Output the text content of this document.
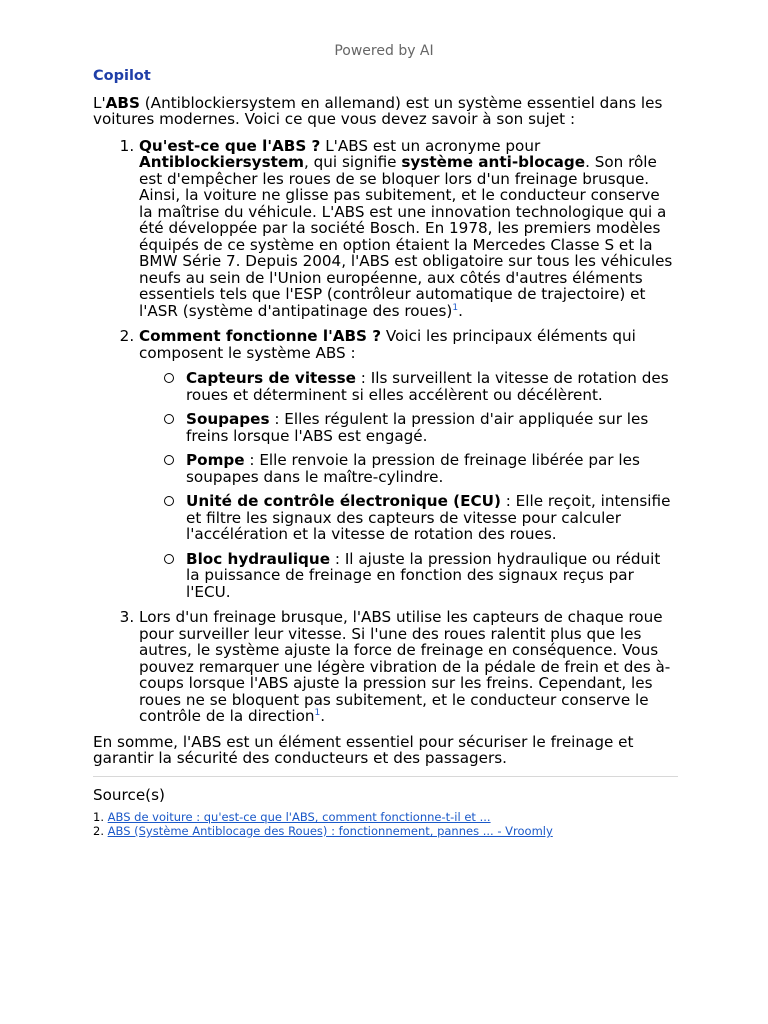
Powered by AI
Copilot

L'ABS (Antiblockiersystem en allemand) est un système essentiel dans les voitures modernes. Voici ce que vous devez savoir à son sujet :

1. Qu'est-ce que l'ABS ? L'ABS est un acronyme pour Antiblockiersystem, qui signifie système anti-blocage. Son rôle est d'empêcher les roues de se bloquer lors d'un freinage brusque. Ainsi, la voiture ne glisse pas subitement, et le conducteur conserve la maîtrise du véhicule. L'ABS est une innovation technologique qui a été développée par la société Bosch. En 1978, les premiers modèles équipés de ce système en option étaient la Mercedes Classe S et la BMW Série 7. Depuis 2004, l'ABS est obligatoire sur tous les véhicules neufs au sein de l'Union européenne, aux côtés d'autres éléments essentiels tels que l'ESP (contrôleur automatique de trajectoire) et l'ASR (système d'antipatinage des roues)$^1$.
2. Comment fonctionne l'ABS ? Voici les principaux éléments qui composent le système ABS :
Capteurs de vitesse : Ils surveillent la vitesse de rotation des roues et déterminent si elles accélèrent ou décélèrent.
Soupapes : Elles régulent la pression d'air appliquée sur les freins lorsque l'ABS est engagé.
Pompe : Elle renvoie la pression de freinage libérée par les soupapes dans le maître-cylindre.
Unité de contrôle électronique (ECU) : Elle reçoit, intensifie et filtre les signaux des capteurs de vitesse pour calculer l'accélération et la vitesse de rotation des roues.
Bloc hydraulique : Il ajuste la pression hydraulique ou réduit la puissance de freinage en fonction des signaux reçus par l'ECU.
3. Lors d'un freinage brusque, l'ABS utilise les capteurs de chaque roue pour surveiller leur vitesse. Si l'une des roues ralentit plus que les autres, le système ajuste la force de freinage en conséquence. Vous pouvez remarquer une légère vibration de la pédale de frein et des à-coups lorsque l'ABS ajuste la pression sur les freins. Cependant, les roues ne se bloquent pas subitement, et le conducteur conserve le contrôle de la direction$^1$.

En somme, l'ABS est un élément essentiel pour sécuriser le freinage et garantir la sécurité des conducteurs et des passagers.

Source(s)
1. ABS de voiture : qu'est-ce que l'ABS, comment fonctionne-t-il et ...
2. ABS (Système Antiblocage des Roues) : fonctionnement, pannes ... - Vroomly
